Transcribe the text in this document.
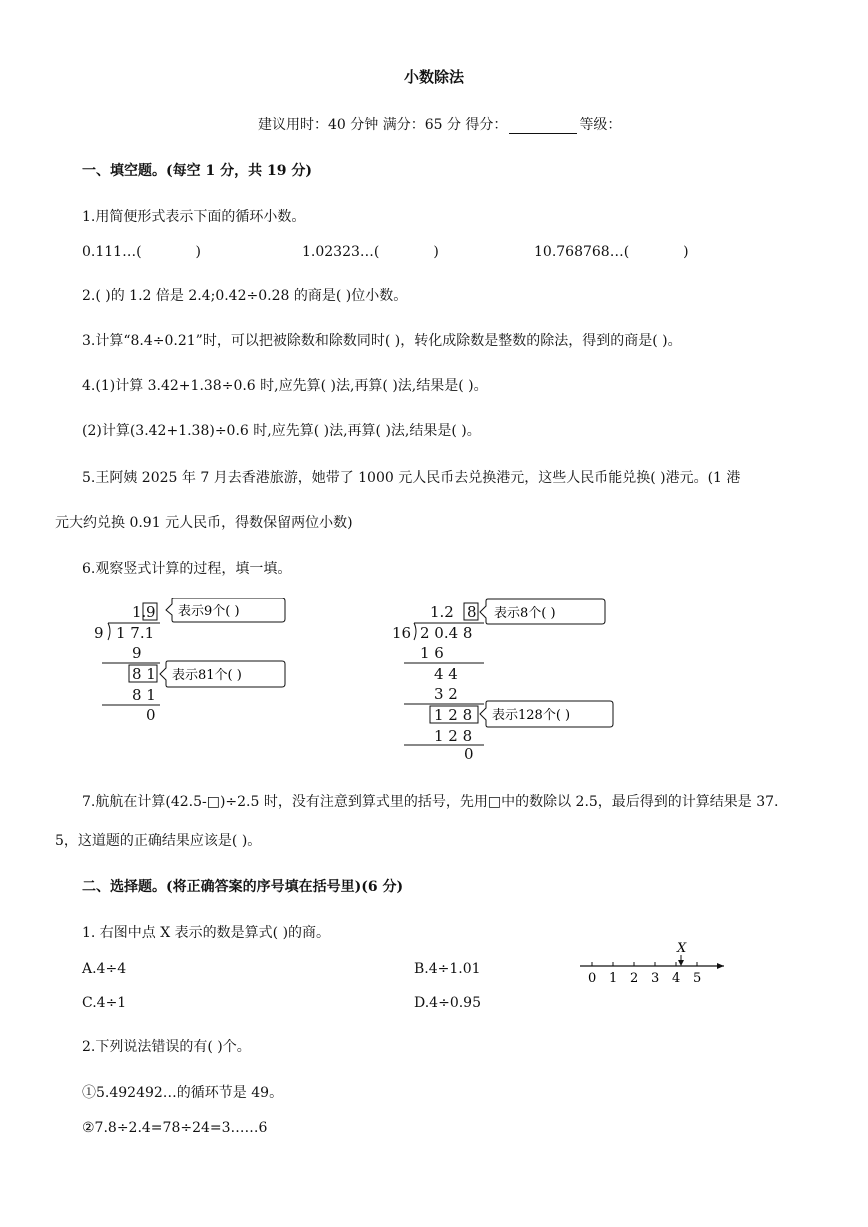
小数除法
建议用时：40 分钟 满分：65 分 得分：	等级：
一、填空题。(每空 1 分，共 19 分)
1.用简便形式表示下面的循环小数。
0.111…(	)	1.02323…(	)	10.768768…(	)
2.( )的 1.2 倍是 2.4;0.42÷0.28 的商是( )位小数。
3.计算“8.4÷0.21”时，可以把被除数和除数同时( )，转化成除数是整数的除法，得到的商是( )。
4.(1)计算 3.42+1.38÷0.6 时,应先算( )法,再算( )法,结果是( )。
(2)计算(3.42+1.38)÷0.6 时,应先算( )法,再算( )法,结果是( )。
5.王阿姨 2025 年 7 月去香港旅游，她带了 1000 元人民币去兑换港元，这些人民币能兑换( )港元。(1 港
元大约兑换 0.91 元人民币，得数保留两位小数)
6.观察竖式计算的过程，填一填。
1. 9
9 1 7.1
9
8 1
8 1
0
表示9个( )
表示81个( )
1.2 8
16 2 0.4 8
1 6
4 4
3 2
1 2 8
1 2 8
0
表示8个( )
表示128个( )
7.航航在计算(42.5-□)÷2.5 时，没有注意到算式里的括号，先用□中的数除以 2.5，最后得到的计算结果是 37.
5，这道题的正确结果应该是( )。
二、选择题。(将正确答案的序号填在括号里)(6 分)
1. 右图中点 X 表示的数是算式( )的商。
A.4÷4	B.4÷1.01
C.4÷1	D.4÷0.95
0 1 2 3 4 5
X
2.下列说法错误的有( )个。
①5.492492…的循环节是 49。
②7.8÷2.4=78÷24=3……6
